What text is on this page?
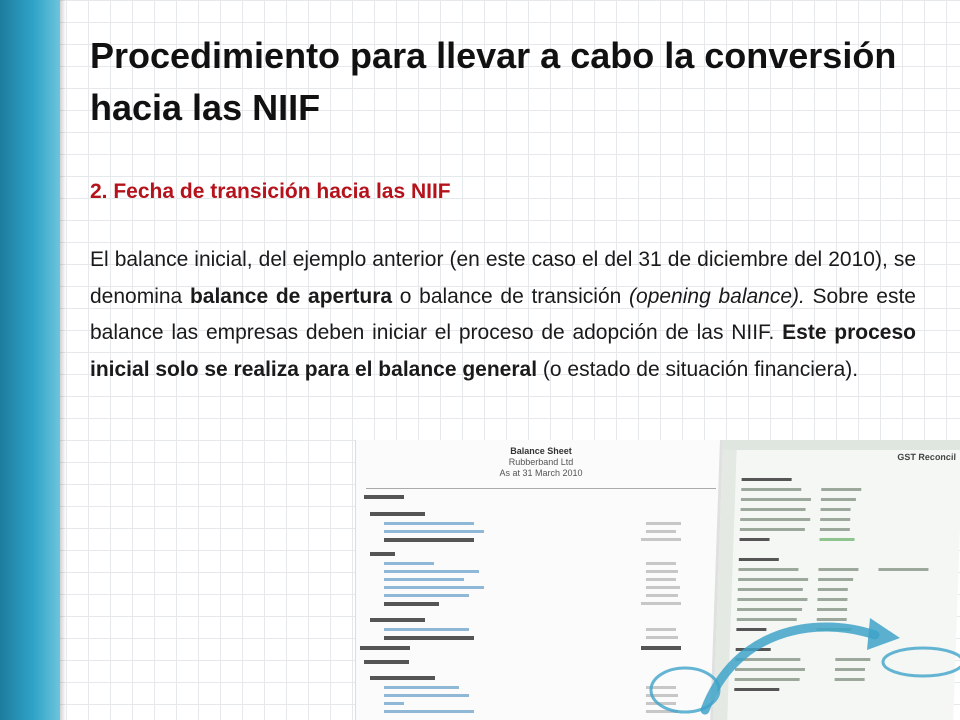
Procedimiento para llevar a cabo la conversión hacia las NIIF
2. Fecha de transición hacia las NIIF
El balance inicial, del ejemplo anterior (en este caso el del 31 de diciembre del 2010), se denomina balance de apertura o balance de transición (opening balance). Sobre este balance las empresas deben iniciar el proceso de adopción de las NIIF. Este proceso inicial solo se realiza para el balance general (o estado de situación financiera).
Balance Sheet
Rubberband Ltd
As at 31 March 2010
GST Reconcil
